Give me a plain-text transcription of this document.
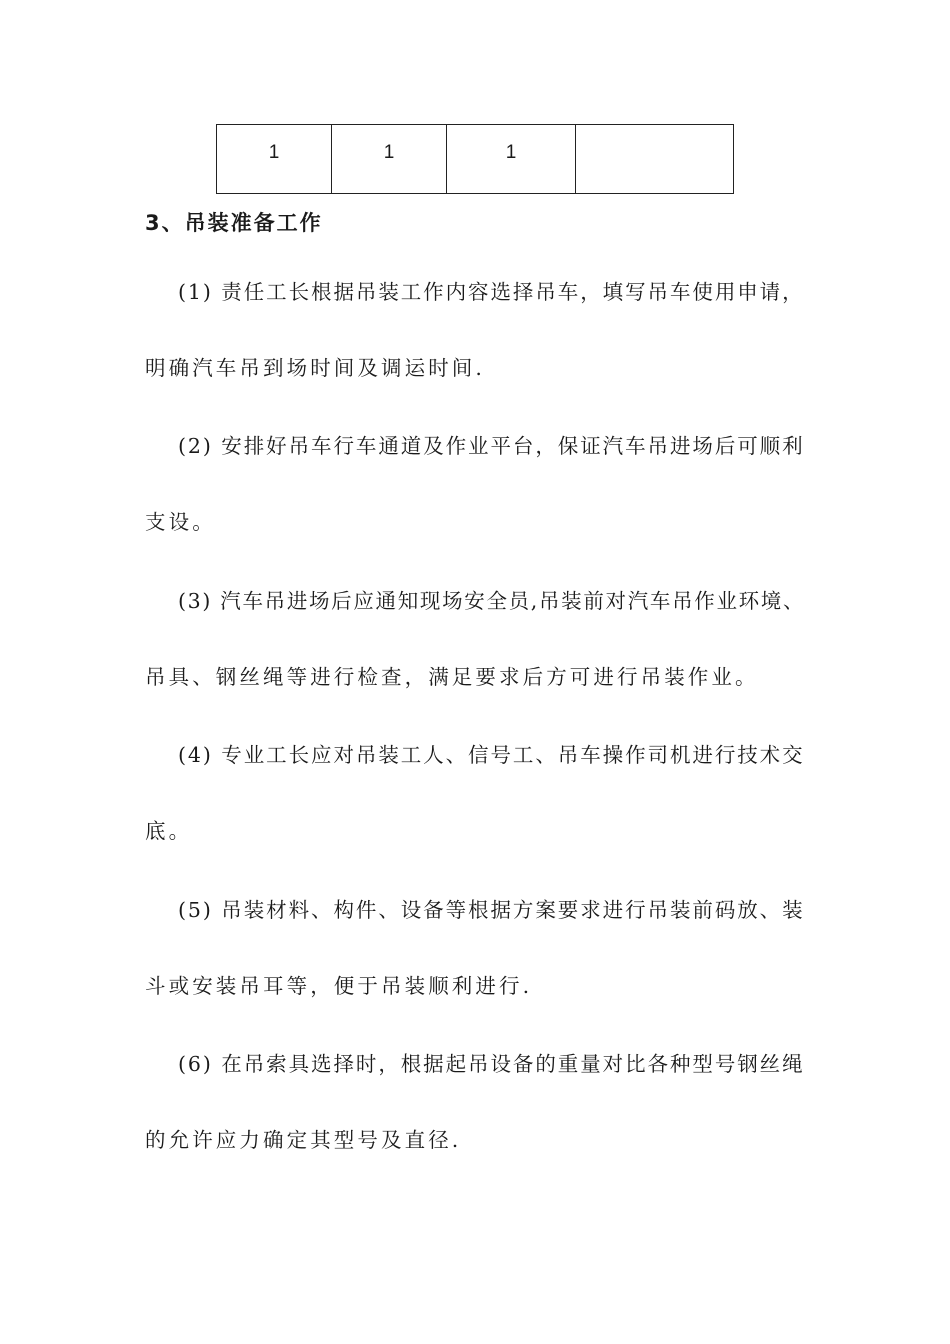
1	1	1	
3、吊装准备工作
(1) 责任工长根据吊装工作内容选择吊车，填写吊车使用申请，
明确汽车吊到场时间及调运时间.
(2) 安排好吊车行车通道及作业平台，保证汽车吊进场后可顺利
支设。
(3) 汽车吊进场后应通知现场安全员,吊装前对汽车吊作业环境、
吊具、钢丝绳等进行检查，满足要求后方可进行吊装作业。
(4) 专业工长应对吊装工人、信号工、吊车操作司机进行技术交
底。
(5) 吊装材料、构件、设备等根据方案要求进行吊装前码放、装
斗或安装吊耳等，便于吊装顺利进行.
(6) 在吊索具选择时，根据起吊设备的重量对比各种型号钢丝绳
的允许应力确定其型号及直径.
